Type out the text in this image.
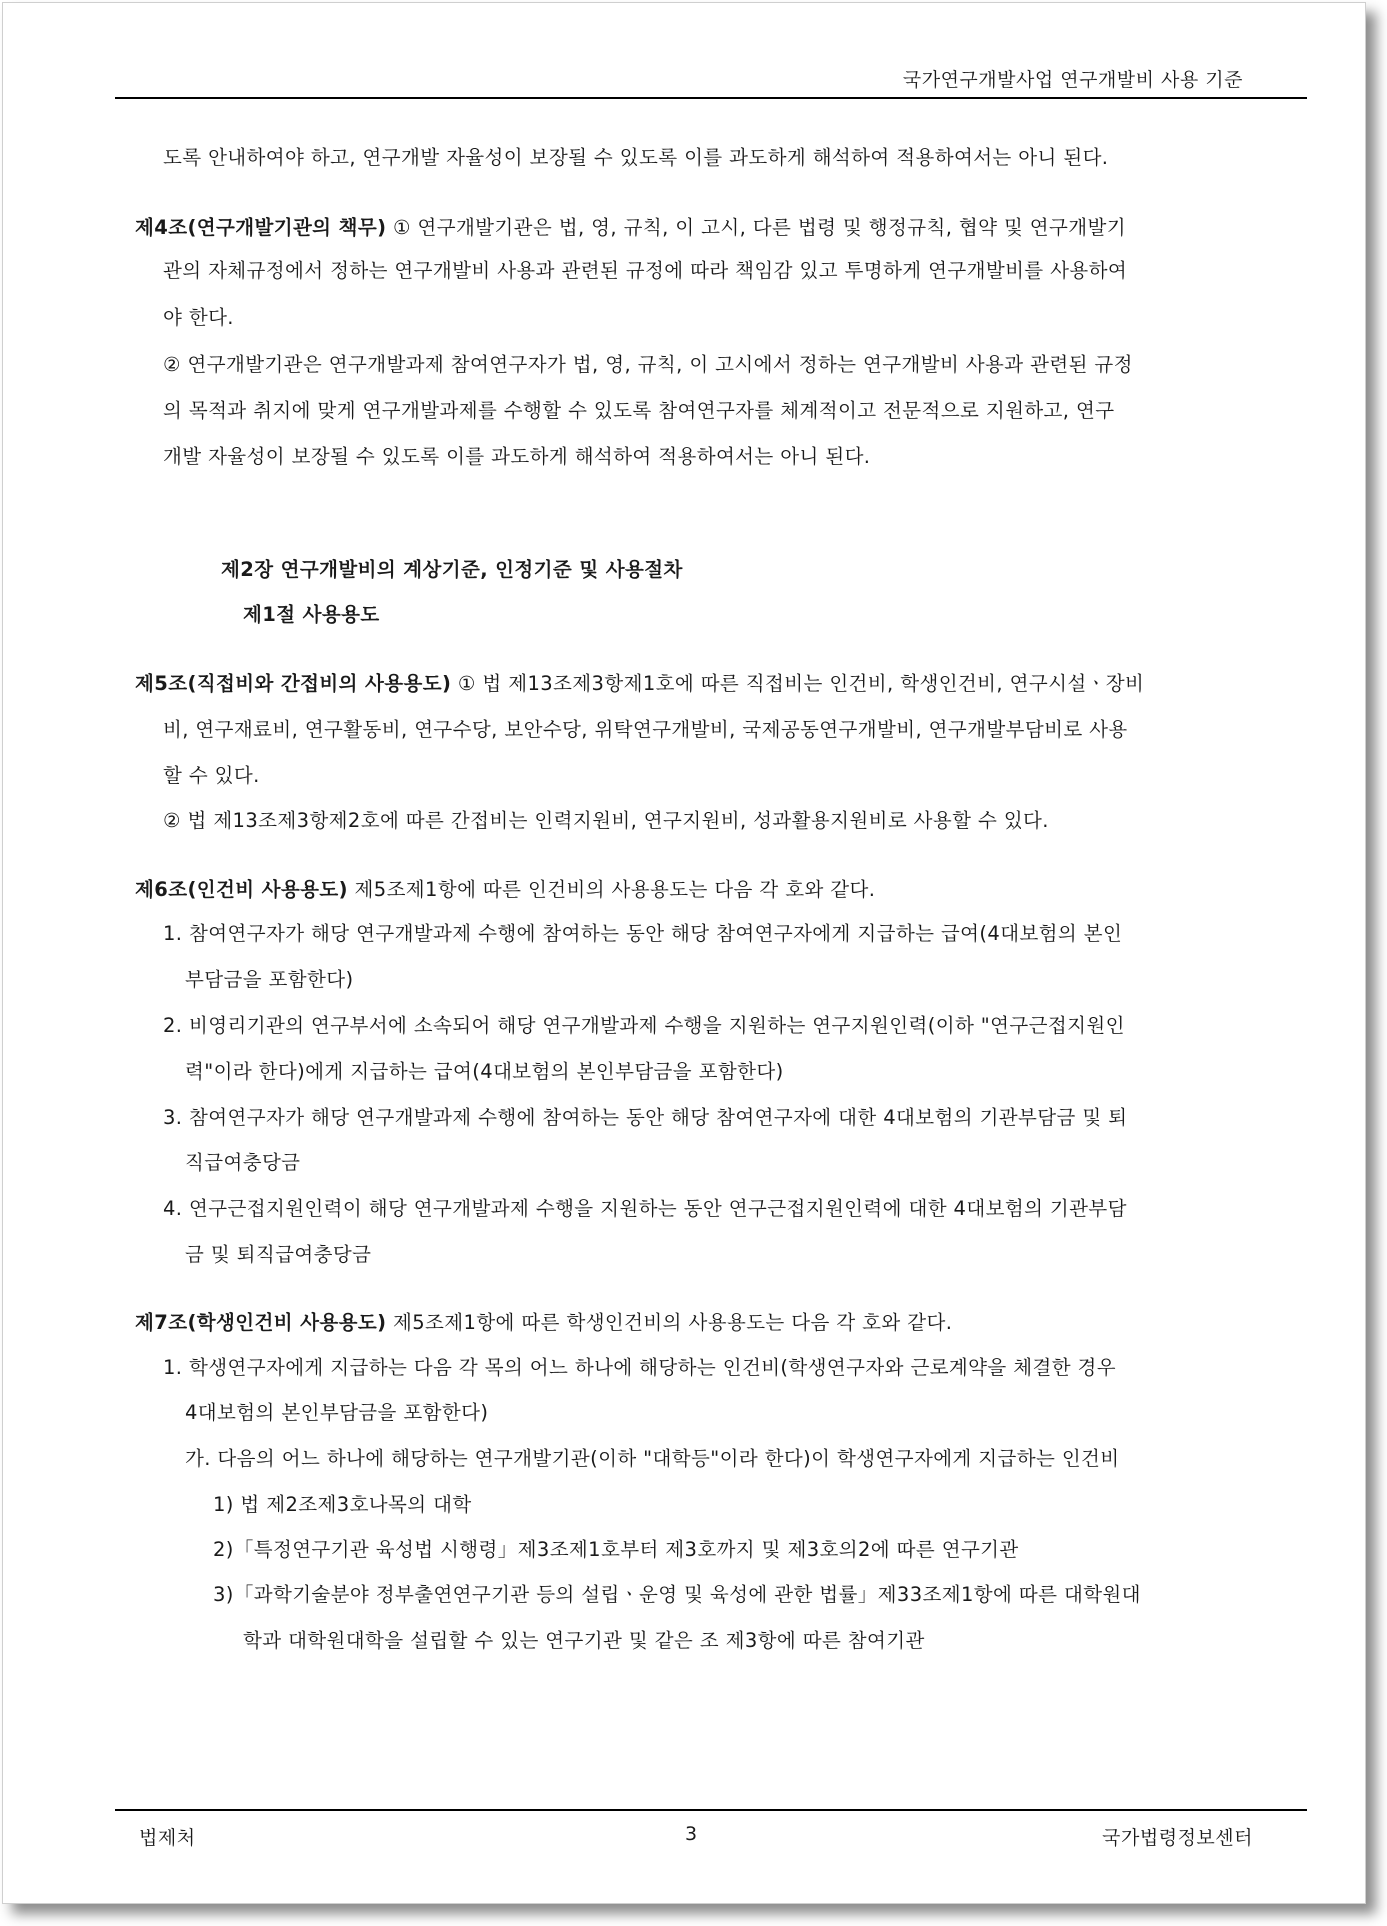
국가연구개발사업 연구개발비 사용 기준
도록 안내하여야 하고, 연구개발 자율성이 보장될 수 있도록 이를 과도하게 해석하여 적용하여서는 아니 된다.
제4조(연구개발기관의 책무) ① 연구개발기관은 법, 영, 규칙, 이 고시, 다른 법령 및 행정규칙, 협약 및 연구개발기
관의 자체규정에서 정하는 연구개발비 사용과 관련된 규정에 따라 책임감 있고 투명하게 연구개발비를 사용하여
야 한다.
② 연구개발기관은 연구개발과제 참여연구자가 법, 영, 규칙, 이 고시에서 정하는 연구개발비 사용과 관련된 규정
의 목적과 취지에 맞게 연구개발과제를 수행할 수 있도록 참여연구자를 체계적이고 전문적으로 지원하고, 연구
개발 자율성이 보장될 수 있도록 이를 과도하게 해석하여 적용하여서는 아니 된다.
제2장 연구개발비의 계상기준, 인정기준 및 사용절차
제1절 사용용도
제5조(직접비와 간접비의 사용용도) ① 법 제13조제3항제1호에 따른 직접비는 인건비, 학생인건비, 연구시설ㆍ장비
비, 연구재료비, 연구활동비, 연구수당, 보안수당, 위탁연구개발비, 국제공동연구개발비, 연구개발부담비로 사용
할 수 있다.
② 법 제13조제3항제2호에 따른 간접비는 인력지원비, 연구지원비, 성과활용지원비로 사용할 수 있다.
제6조(인건비 사용용도) 제5조제1항에 따른 인건비의 사용용도는 다음 각 호와 같다.
1. 참여연구자가 해당 연구개발과제 수행에 참여하는 동안 해당 참여연구자에게 지급하는 급여(4대보험의 본인
부담금을 포함한다)
2. 비영리기관의 연구부서에 소속되어 해당 연구개발과제 수행을 지원하는 연구지원인력(이하 "연구근접지원인
력"이라 한다)에게 지급하는 급여(4대보험의 본인부담금을 포함한다)
3. 참여연구자가 해당 연구개발과제 수행에 참여하는 동안 해당 참여연구자에 대한 4대보험의 기관부담금 및 퇴
직급여충당금
4. 연구근접지원인력이 해당 연구개발과제 수행을 지원하는 동안 연구근접지원인력에 대한 4대보험의 기관부담
금 및 퇴직급여충당금
제7조(학생인건비 사용용도) 제5조제1항에 따른 학생인건비의 사용용도는 다음 각 호와 같다.
1. 학생연구자에게 지급하는 다음 각 목의 어느 하나에 해당하는 인건비(학생연구자와 근로계약을 체결한 경우
4대보험의 본인부담금을 포함한다)
가. 다음의 어느 하나에 해당하는 연구개발기관(이하 "대학등"이라 한다)이 학생연구자에게 지급하는 인건비
1) 법 제2조제3호나목의 대학
2)「특정연구기관 육성법 시행령」제3조제1호부터 제3호까지 및 제3호의2에 따른 연구기관
3)「과학기술분야 정부출연연구기관 등의 설립ㆍ운영 및 육성에 관한 법률」제33조제1항에 따른 대학원대
학과 대학원대학을 설립할 수 있는 연구기관 및 같은 조 제3항에 따른 참여기관
법제처	3	국가법령정보센터
